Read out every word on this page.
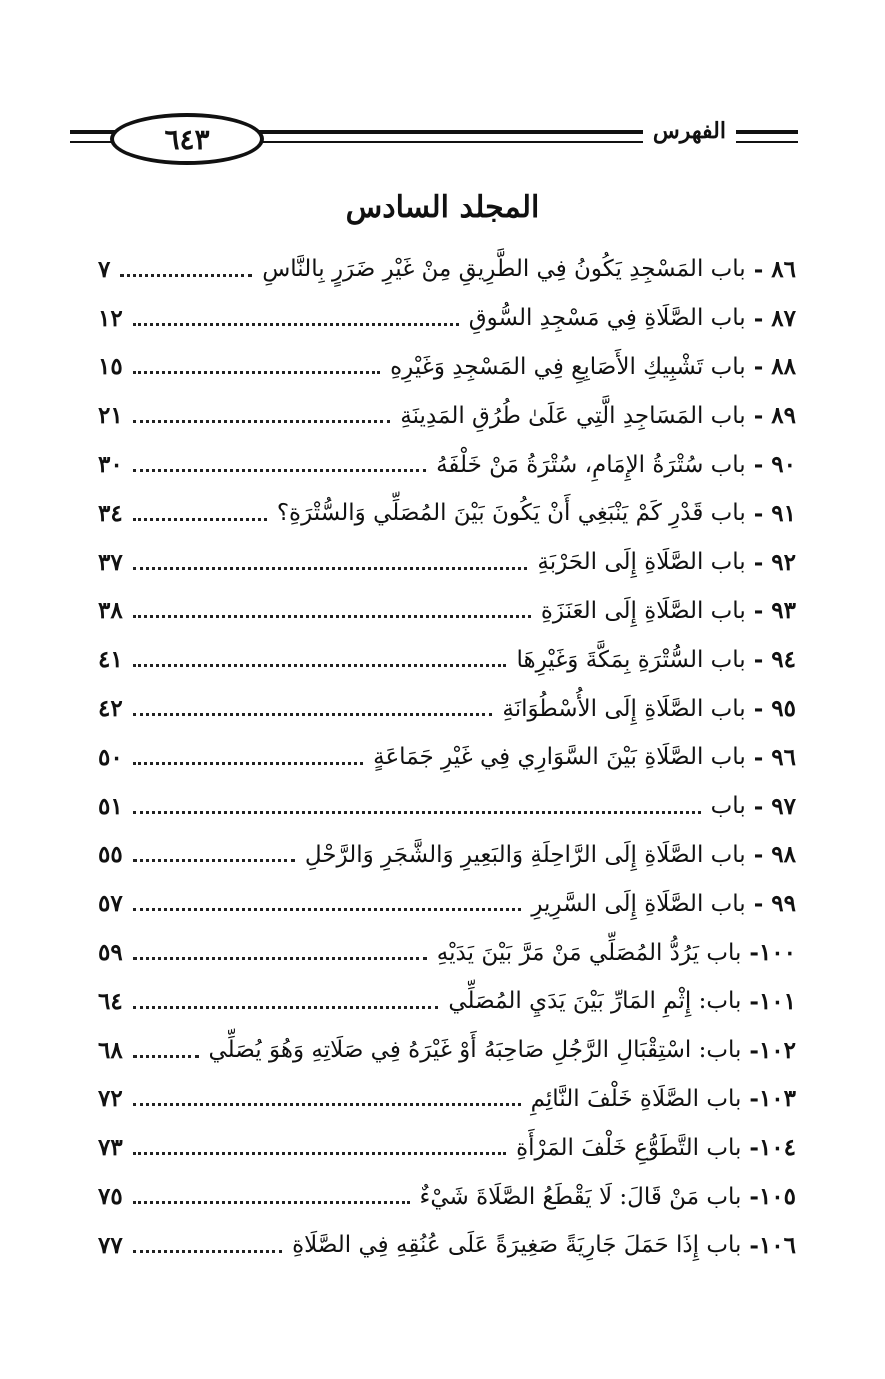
٦٤٣	الفهرس
المجلد السادس
٨٦ -
باب المَسْجِدِ يَكُونُ فِي الطَّرِيقِ مِنْ غَيْرِ ضَرَرٍ بِالنَّاسِ
٧
٨٧ -
باب الصَّلَاةِ فِي مَسْجِدِ السُّوقِ
١٢
٨٨ -
باب تَشْبِيكِ الأَصَابِعِ فِي المَسْجِدِ وَغَيْرِهِ
١٥
٨٩ -
باب المَسَاجِدِ الَّتِي عَلَىٰ طُرُقِ المَدِينَةِ
٢١
٩٠ -
باب سُتْرَةُ الإِمَامِ، سُتْرَةُ مَنْ خَلْفَهُ
٣٠
٩١ -
باب قَدْرِ كَمْ يَنْبَغِي أَنْ يَكُونَ بَيْنَ المُصَلِّي وَالسُّتْرَةِ؟
٣٤
٩٢ -
باب الصَّلَاةِ إِلَى الحَرْبَةِ
٣٧
٩٣ -
باب الصَّلَاةِ إِلَى العَنَزَةِ
٣٨
٩٤ -
باب السُّتْرَةِ بِمَكَّةَ وَغَيْرِهَا
٤١
٩٥ -
باب الصَّلَاةِ إِلَى الأُسْطُوَانَةِ
٤٢
٩٦ -
باب الصَّلَاةِ بَيْنَ السَّوَارِي فِي غَيْرِ جَمَاعَةٍ
٥٠
٩٧ -
باب
٥١
٩٨ -
باب الصَّلَاةِ إِلَى الرَّاحِلَةِ وَالبَعِيرِ وَالشَّجَرِ وَالرَّحْلِ
٥٥
٩٩ -
باب الصَّلَاةِ إِلَى السَّرِيرِ
٥٧
١٠٠-
باب يَرُدُّ المُصَلِّي مَنْ مَرَّ بَيْنَ يَدَيْهِ
٥٩
١٠١-
باب: إِثْمِ المَارِّ بَيْنَ يَدَيِ المُصَلِّي
٦٤
١٠٢-
باب: اسْتِقْبَالِ الرَّجُلِ صَاحِبَهُ أَوْ غَيْرَهُ فِي صَلَاتِهِ وَهُوَ يُصَلِّي
٦٨
١٠٣-
باب الصَّلَاةِ خَلْفَ النَّائِمِ
٧٢
١٠٤-
باب التَّطَوُّعِ خَلْفَ المَرْأَةِ
٧٣
١٠٥-
باب مَنْ قَالَ: لَا يَقْطَعُ الصَّلَاةَ شَيْءٌ
٧٥
١٠٦-
باب إِذَا حَمَلَ جَارِيَةً صَغِيرَةً عَلَى عُنُقِهِ فِي الصَّلَاةِ
٧٧
